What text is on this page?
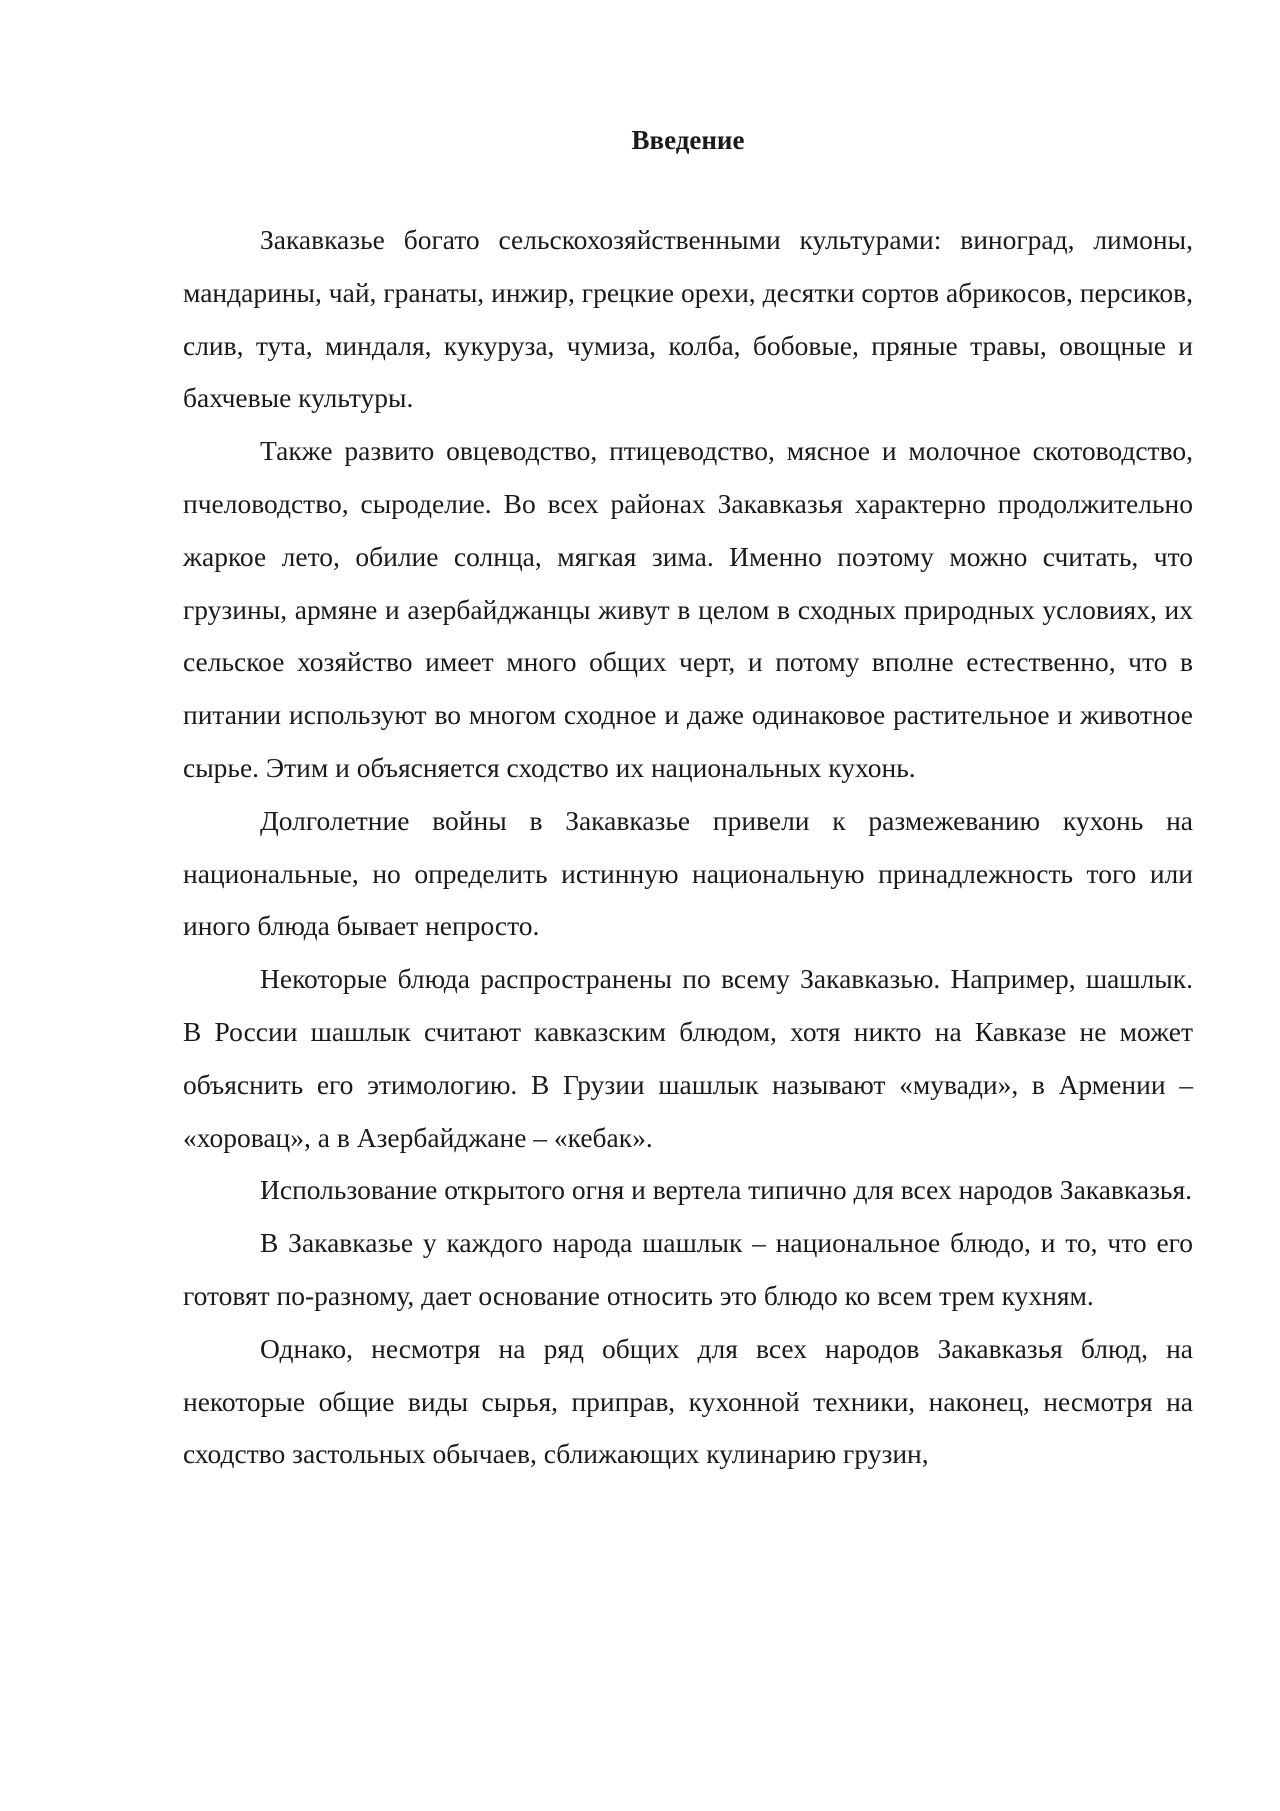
Введение

Закавказье богато сельскохозяйственными культурами: виноград, лимоны, мандарины, чай, гранаты, инжир, грецкие орехи, десятки сортов абрикосов, персиков, слив, тута, миндаля, кукуруза, чумиза, колба, бобовые, пряные травы, овощные и бахчевые культуры.

Также развито овцеводство, птицеводство, мясное и молочное скотоводство, пчеловодство, сыроделие. Во всех районах Закавказья характерно продолжительно жаркое лето, обилие солнца, мягкая зима. Именно поэтому можно считать, что грузины, армяне и азербайджанцы живут в целом в сходных природных условиях, их сельское хозяйство имеет много общих черт, и потому вполне естественно, что в питании используют во многом сходное и даже одинаковое растительное и животное сырье. Этим и объясняется сходство их национальных кухонь.

Долголетние войны в Закавказье привели к размежеванию кухонь на национальные, но определить истинную национальную принадлежность того или иного блюда бывает непросто.

Некоторые блюда распространены по всему Закавказью. Например, шашлык. В России шашлык считают кавказским блюдом, хотя никто на Кавказе не может объяснить его этимологию. В Грузии шашлык называют «мувади», в Армении – «хоровац», а в Азербайджане – «кебак».

Использование открытого огня и вертела типично для всех народов Закавказья.

В Закавказье у каждого народа шашлык – национальное блюдо, и то, что его готовят по-разному, дает основание относить это блюдо ко всем трем кухням.

Однако, несмотря на ряд общих для всех народов Закавказья блюд, на некоторые общие виды сырья, приправ, кухонной техники, наконец, несмотря на сходство застольных обычаев, сближающих кулинарию грузин,
